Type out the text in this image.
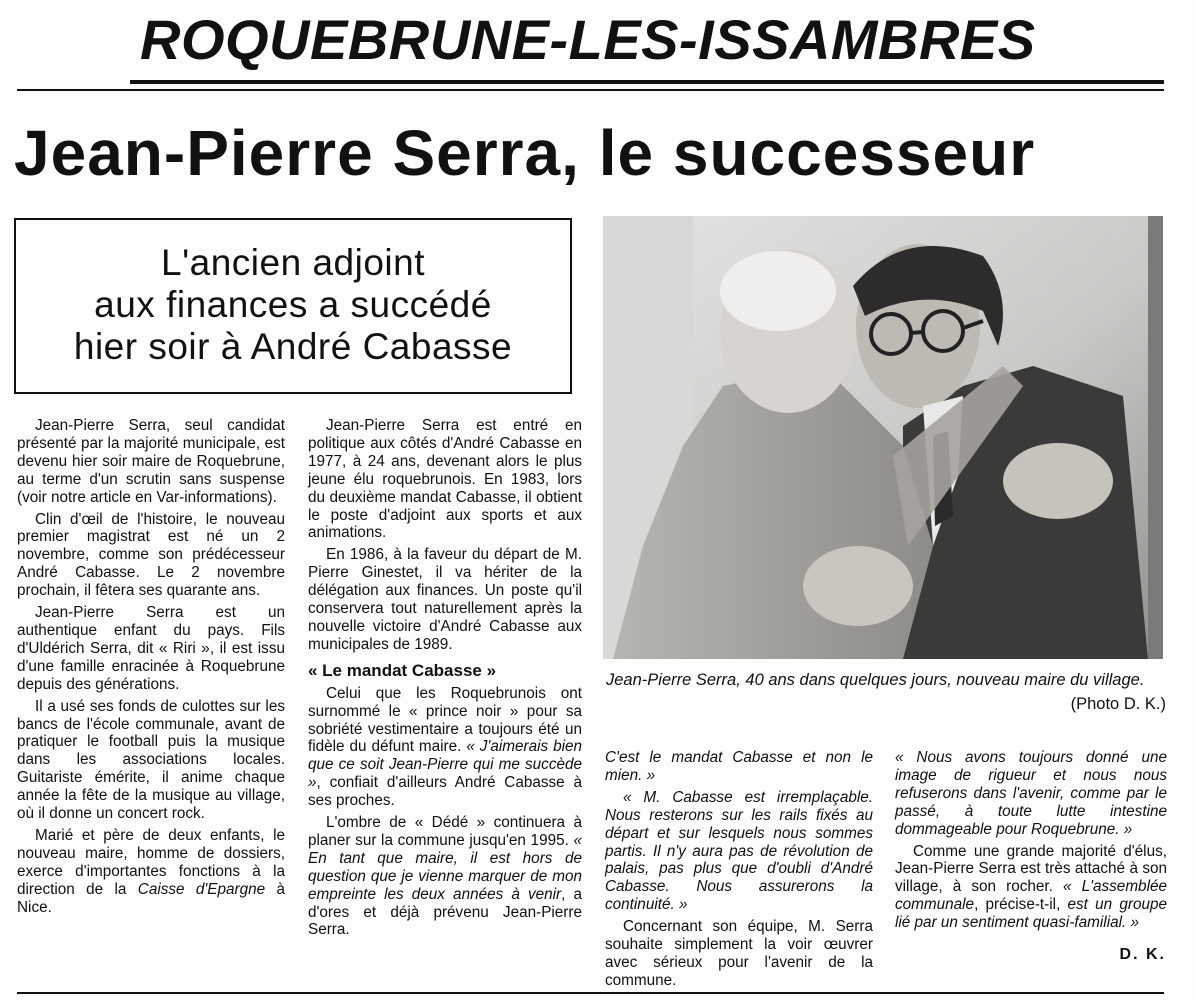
ROQUEBRUNE-LES-ISSAMBRES
Jean-Pierre Serra, le successeur
L'ancien adjoint
aux finances a succédé
hier soir à André Cabasse
Jean-Pierre Serra, 40 ans dans quelques jours, nouveau maire du village.
(Photo D. K.)

Jean-Pierre Serra, seul candidat présenté par la majorité municipale, est devenu hier soir maire de Roquebrune, au terme d'un scrutin sans suspense (voir notre article en Var-informations).

Clin d'œil de l'histoire, le nouveau premier magistrat est né un 2 novembre, comme son prédécesseur André Cabasse. Le 2 novembre prochain, il fêtera ses quarante ans.

Jean-Pierre Serra est un authentique enfant du pays. Fils d'Uldérich Serra, dit « Riri », il est issu d'une famille enracinée à Roquebrune depuis des générations.

Il a usé ses fonds de culottes sur les bancs de l'école communale, avant de pratiquer le football puis la musique dans les associations locales. Guitariste émérite, il anime chaque année la fête de la musique au village, où il donne un concert rock.

Marié et père de deux enfants, le nouveau maire, homme de dossiers, exerce d'importantes fonctions à la direction de la Caisse d'Epargne à Nice.

Jean-Pierre Serra est entré en politique aux côtés d'André Cabasse en 1977, à 24 ans, devenant alors le plus jeune élu roquebrunois. En 1983, lors du deuxième mandat Cabasse, il obtient le poste d'adjoint aux sports et aux animations.

En 1986, à la faveur du départ de M. Pierre Ginestet, il va hériter de la délégation aux finances. Un poste qu'il conservera tout naturellement après la nouvelle victoire d'André Cabasse aux municipales de 1989.

« Le mandat Cabasse »

Celui que les Roquebrunois ont surnommé le « prince noir » pour sa sobriété vestimentaire a toujours été un fidèle du défunt maire. « J'aimerais bien que ce soit Jean-Pierre qui me succède », confiait d'ailleurs André Cabasse à ses proches.

L'ombre de « Dédé » continuera à planer sur la commune jusqu'en 1995. « En tant que maire, il est hors de question que je vienne marquer de mon empreinte les deux années à venir, a d'ores et déjà prévenu Jean-Pierre Serra.

C'est le mandat Cabasse et non le mien. »

« M. Cabasse est irremplaçable. Nous resterons sur les rails fixés au départ et sur lesquels nous sommes partis. Il n'y aura pas de révolution de palais, pas plus que d'oubli d'André Cabasse. Nous assurerons la continuité. »

Concernant son équipe, M. Serra souhaite simplement la voir œuvrer avec sérieux pour l'avenir de la commune.

« Nous avons toujours donné une image de rigueur et nous nous refuserons dans l'avenir, comme par le passé, à toute lutte intestine dommageable pour Roquebrune. »

Comme une grande majorité d'élus, Jean-Pierre Serra est très attaché à son village, à son rocher. « L'assemblée communale, précise-t-il, est un groupe lié par un sentiment quasi-familial. »

D. K.
